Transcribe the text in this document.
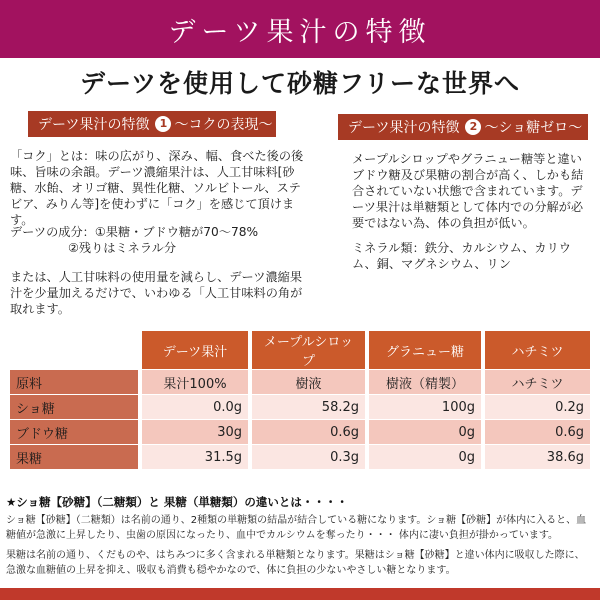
デーツ果汁の特徴
デーツを使用して砂糖フリーな世界へ
デーツ果汁の特徴 1 〜コクの表現〜	デーツ果汁の特徴 2 〜ショ糖ゼロ〜

「コク」とは：味の広がり、深み、幅、食べた後の後味、旨味の余韻。デーツ濃縮果汁は、人工甘味料[砂糖、水飴、オリゴ糖、異性化糖、ソルビトール、ステビア、みりん等]を使わずに「コク」を感じて頂けます。

デーツの成分：①果糖・ブドウ糖が70〜78%
②残りはミネラル分

または、人工甘味料の使用量を減らし、デーツ濃縮果汁を少量加えるだけで、いわゆる「人工甘味料の角が取れます。

メープルシロップやグラニュー糖等と違いブドウ糖及び果糖の割合が高く、しかも結合されていない状態で含まれています。デーツ果汁は単糖類として体内での分解が必要ではない為、体の負担が低い。

ミネラル類：鉄分、カルシウム、カリウム、銅、マグネシウム、リン

	デーツ果汁	メープルシロップ	グラニュー糖	ハチミツ
原料	果汁100%	樹液	樹液（精製）	ハチミツ
ショ糖	0.0g	58.2g	100g	0.2g
ブドウ糖	30g	0.6g	0g	0.6g
果糖	31.5g	0.3g	0g	38.6g
★ショ糖【砂糖】（二糖類）と 果糖（単糖類）の違いとは・・・・

ショ糖【砂糖】（二糖類）は名前の通り、2種類の単糖類の結晶が結合している糖になります。ショ糖【砂糖】が体内に入ると、血糖値が急激に上昇したり、虫歯の原因になったり、血中でカルシウムを奪ったり・・・ 体内に凄い負担が掛かっています。

果糖は名前の通り、くだものや、はちみつに多く含まれる単糖類となります。果糖はショ糖【砂糖】と違い体内に吸収した際に、急激な血糖値の上昇を抑え、吸収も消費も穏やかなので、体に負担の少ないやさしい糖となります。
